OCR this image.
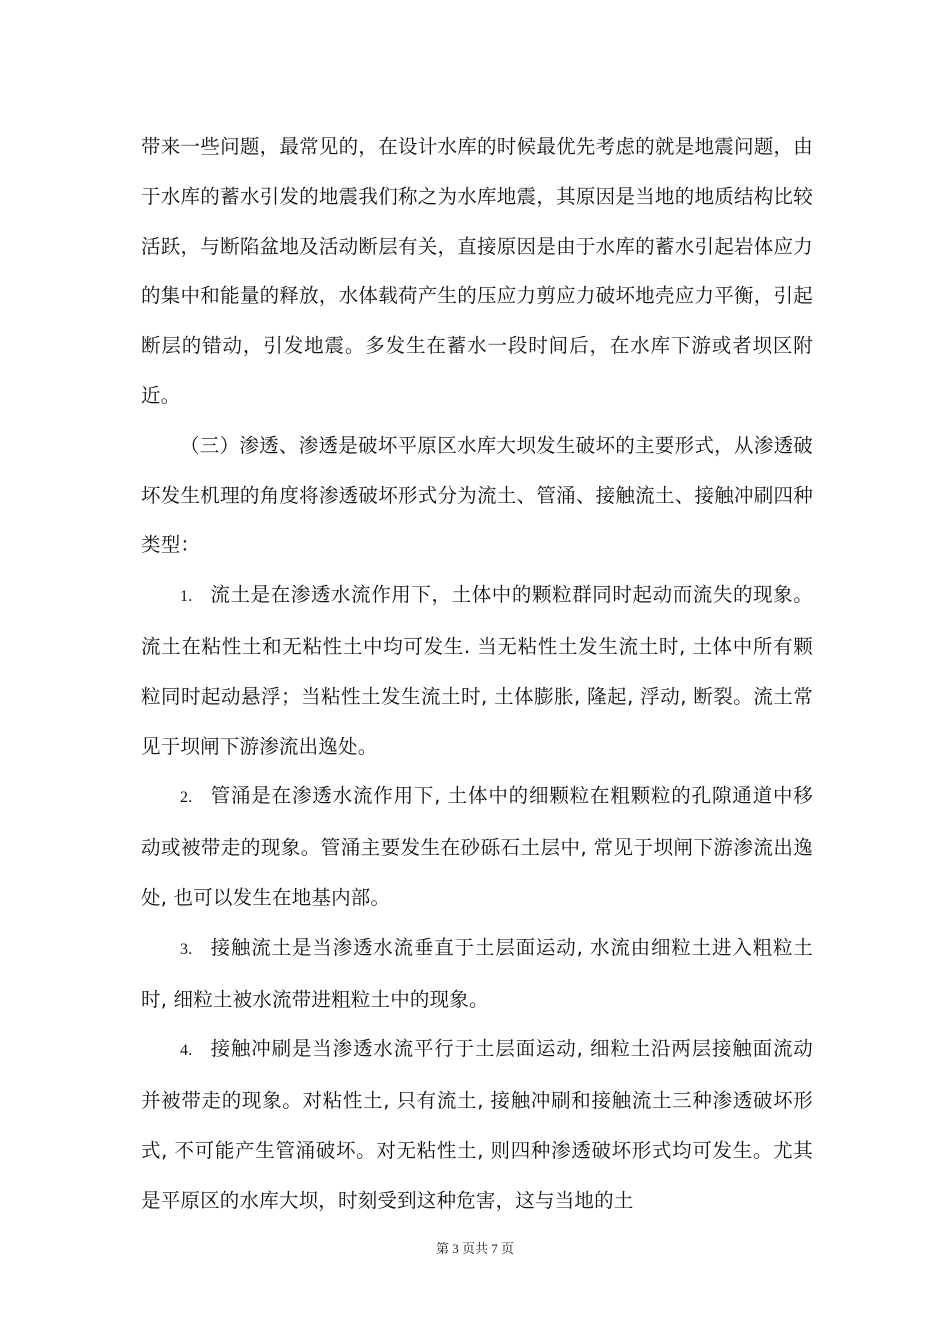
带来一些问题，最常见的，在设计水库的时候最优先考虑的就是地震问题，由于水库的蓄水引发的地震我们称之为水库地震，其原因是当地的地质结构比较活跃，与断陷盆地及活动断层有关，直接原因是由于水库的蓄水引起岩体应力的集中和能量的释放，水体载荷产生的压应力剪应力破坏地壳应力平衡，引起断层的错动，引发地震。多发生在蓄水一段时间后，在水库下游或者坝区附近。

（三）渗透、渗透是破坏平原区水库大坝发生破坏的主要形式，从渗透破坏发生机理的角度将渗透破坏形式分为流土、管涌、接触流土、接触冲刷四种类型：

1. 流土是在渗透水流作用下，土体中的颗粒群同时起动而流失的现象。流土在粘性土和无粘性土中均可发生. 当无粘性土发生流土时, 土体中所有颗粒同时起动悬浮；当粘性土发生流土时, 土体膨胀, 隆起, 浮动, 断裂。流土常见于坝闸下游渗流出逸处。

2. 管涌是在渗透水流作用下, 土体中的细颗粒在粗颗粒的孔隙通道中移动或被带走的现象。管涌主要发生在砂砾石土层中, 常见于坝闸下游渗流出逸处, 也可以发生在地基内部。

3. 接触流土是当渗透水流垂直于土层面运动, 水流由细粒土进入粗粒土时, 细粒土被水流带进粗粒土中的现象。

4. 接触冲刷是当渗透水流平行于土层面运动, 细粒土沿两层接触面流动并被带走的现象。对粘性土, 只有流土, 接触冲刷和接触流土三种渗透破坏形式, 不可能产生管涌破坏。对无粘性土, 则四种渗透破坏形式均可发生。尤其是平原区的水库大坝，时刻受到这种危害，这与当地的土

第 3 页共 7 页
